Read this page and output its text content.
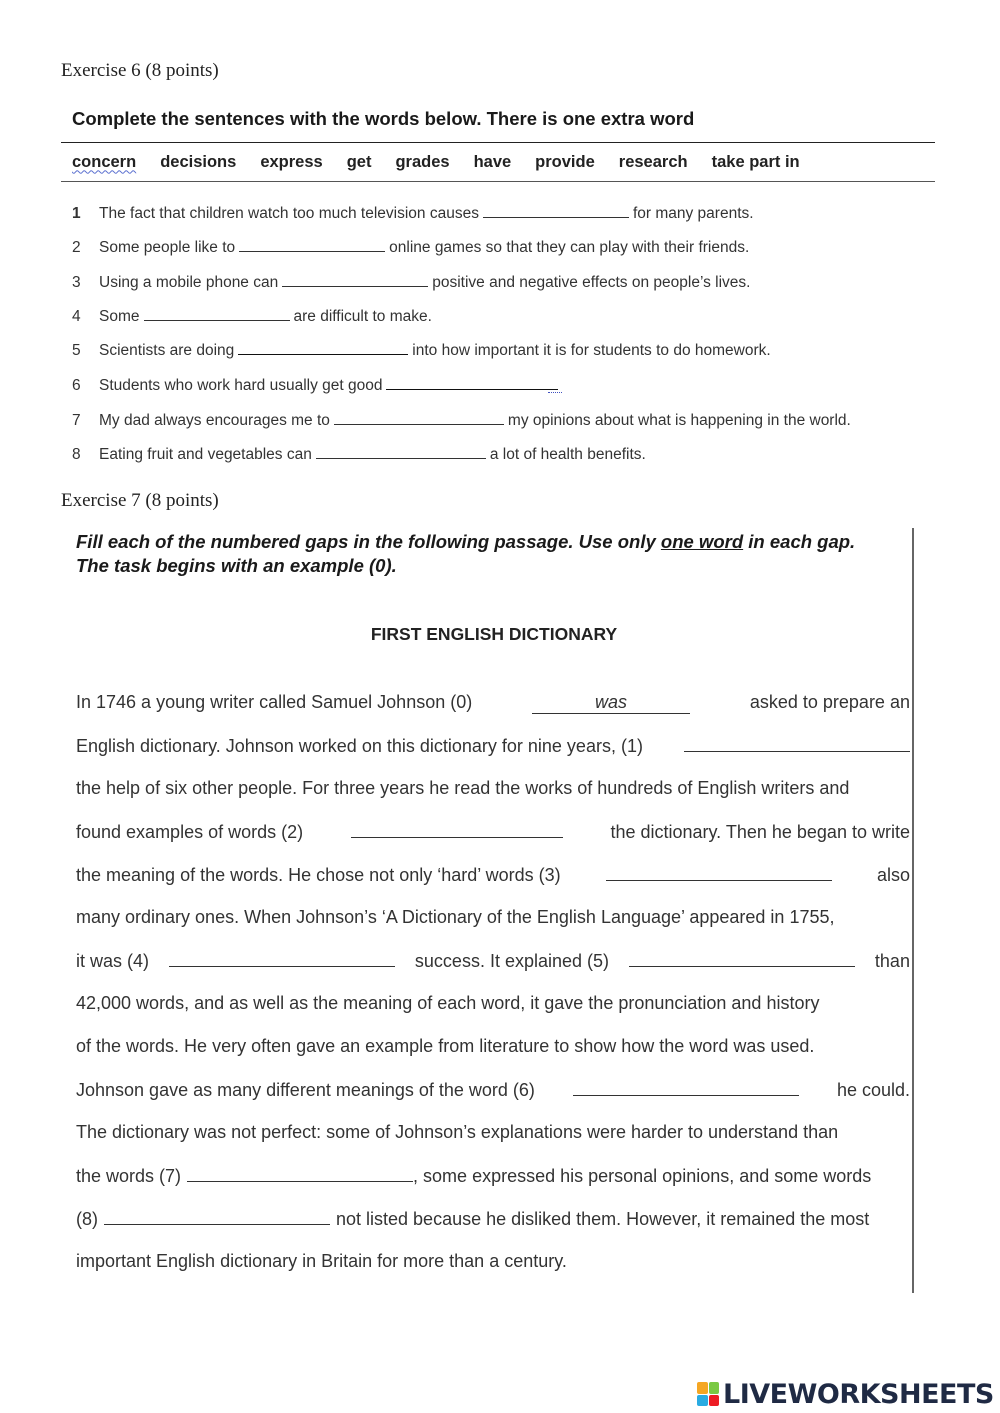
Exercise 6 (8 points)
Complete the sentences with the words below. There is one extra word
concern decisions express get grades have provide research take part in
1 The fact that children watch too much television causes	for many parents.
2 Some people like to	online games so that they can play with their friends.
3 Using a mobile phone can	positive and negative effects on people’s lives.
4 Some	are difficult to make.
5 Scientists are doing	into how important it is for students to do homework.
6 Students who work hard usually get good
7 My dad always encourages me to	my opinions about what is happening in the world.
8 Eating fruit and vegetables can	a lot of health benefits.
Exercise 7 (8 points)
Fill each of the numbered gaps in the following passage. Use only one word in each gap.
The task begins with an example (0).
FIRST ENGLISH DICTIONARY
In 1746 a young writer called Samuel Johnson (0)	was	asked to prepare an
English dictionary. Johnson worked on this dictionary for nine years, (1)
the help of six other people. For three years he read the works of hundreds of English writers and
found examples of words (2)	the dictionary. Then he began to write
the meaning of the words. He chose not only ‘hard’ words (3)	also
many ordinary ones. When Johnson’s ‘A Dictionary of the English Language’ appeared in 1755,
it was (4)	success. It explained (5)	than
42,000 words, and as well as the meaning of each word, it gave the pronunciation and history
of the words. He very often gave an example from literature to show how the word was used.
Johnson gave as many different meanings of the word (6)	he could.
The dictionary was not perfect: some of Johnson’s explanations were harder to understand than
the words (7)	, some expressed his personal opinions, and some words
(8)	not listed because he disliked them. However, it remained the most
important English dictionary in Britain for more than a century.
LIVEWORKSHEETS
